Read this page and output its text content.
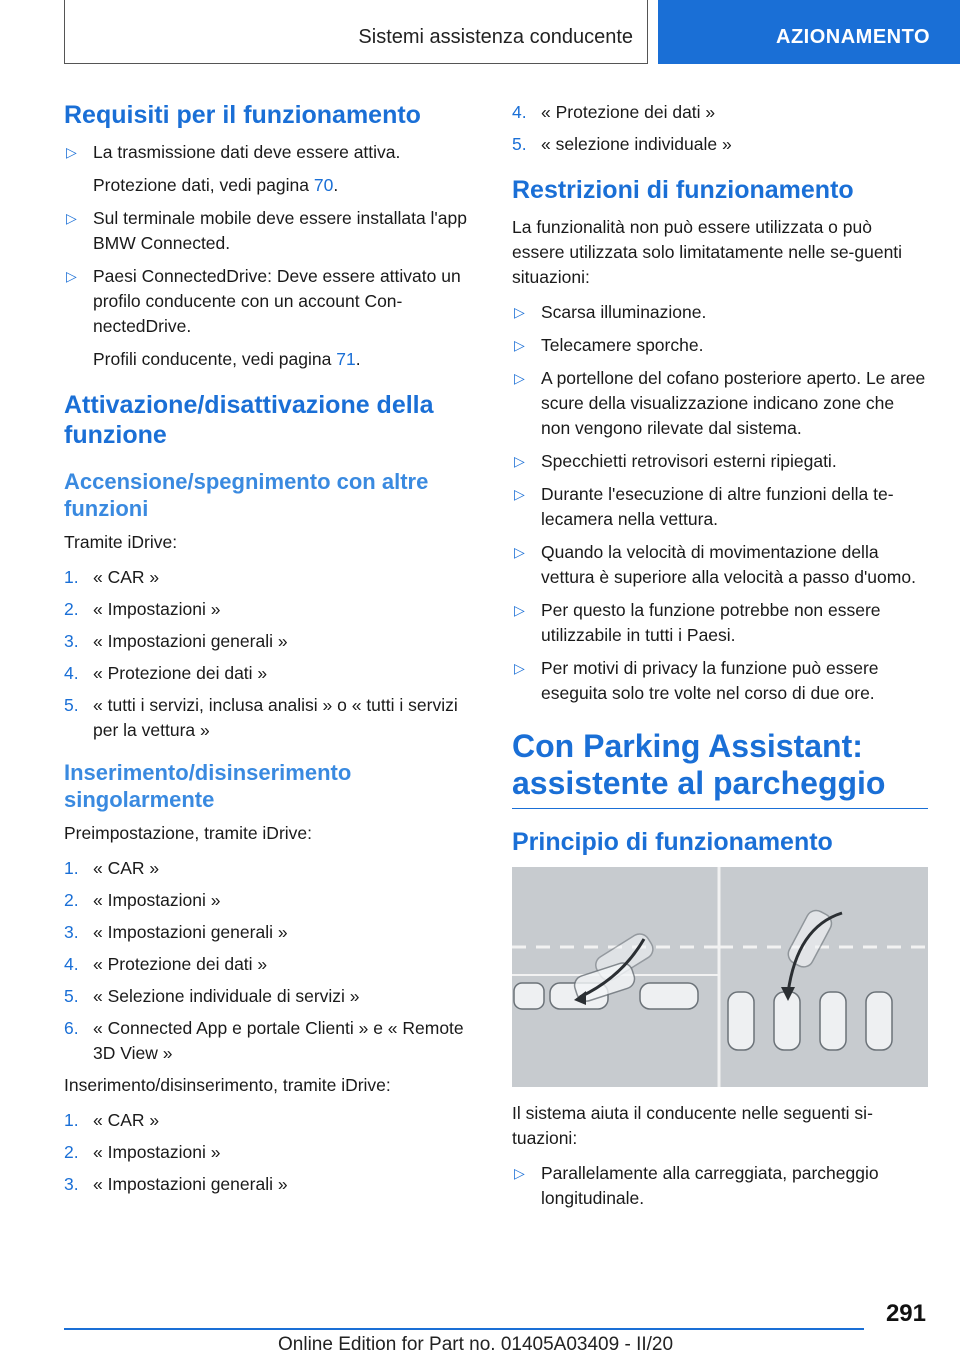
Sistemi assistenza conducente	AZIONAMENTO
Requisiti per il funzionamento
▷ La trasmissione dati deve essere attiva.
Protezione dati, vedi pagina 70.
▷ Sul terminale mobile deve essere installata l'app BMW Connected.
▷ Paesi ConnectedDrive: Deve essere attivato un profilo conducente con un account Con-nectedDrive.
Profili conducente, vedi pagina 71.
Attivazione/disattivazione della funzione
Accensione/spegnimento con altre funzioni

Tramite iDrive:

1. « CAR »
2. « Impostazioni »
3. « Impostazioni generali »
4. « Protezione dei dati »
5. « tutti i servizi, inclusa analisi » o « tutti i servizi per la vettura »
Inserimento/disinserimento singolarmente

Preimpostazione, tramite iDrive:

1. « CAR »
2. « Impostazioni »
3. « Impostazioni generali »
4. « Protezione dei dati »
5. « Selezione individuale di servizi »
6. « Connected App e portale Clienti » e « Remote 3D View »

Inserimento/disinserimento, tramite iDrive:

1. « CAR »
2. « Impostazioni »
3. « Impostazioni generali »
4. « Protezione dei dati »
5. « selezione individuale »
Restrizioni di funzionamento

La funzionalità non può essere utilizzata o può essere utilizzata solo limitatamente nelle se-guenti situazioni:

▷ Scarsa illuminazione.
▷ Telecamere sporche.
▷ A portellone del cofano posteriore aperto. Le aree scure della visualizzazione indicano zone che non vengono rilevate dal sistema.
▷ Specchietti retrovisori esterni ripiegati.
▷ Durante l'esecuzione di altre funzioni della te-lecamera nella vettura.
▷ Quando la velocità di movimentazione della vettura è superiore alla velocità a passo d'uomo.
▷ Per questo la funzione potrebbe non essere utilizzabile in tutti i Paesi.
▷ Per motivi di privacy la funzione può essere eseguita solo tre volte nel corso di due ore.
Con Parking Assistant: assistente al parcheggio
Principio di funzionamento

Il sistema aiuta il conducente nelle seguenti si-tuazioni:

▷ Parallelamente alla carreggiata, parcheggio longitudinale.
291
Online Edition for Part no. 01405A03409 - II/20
